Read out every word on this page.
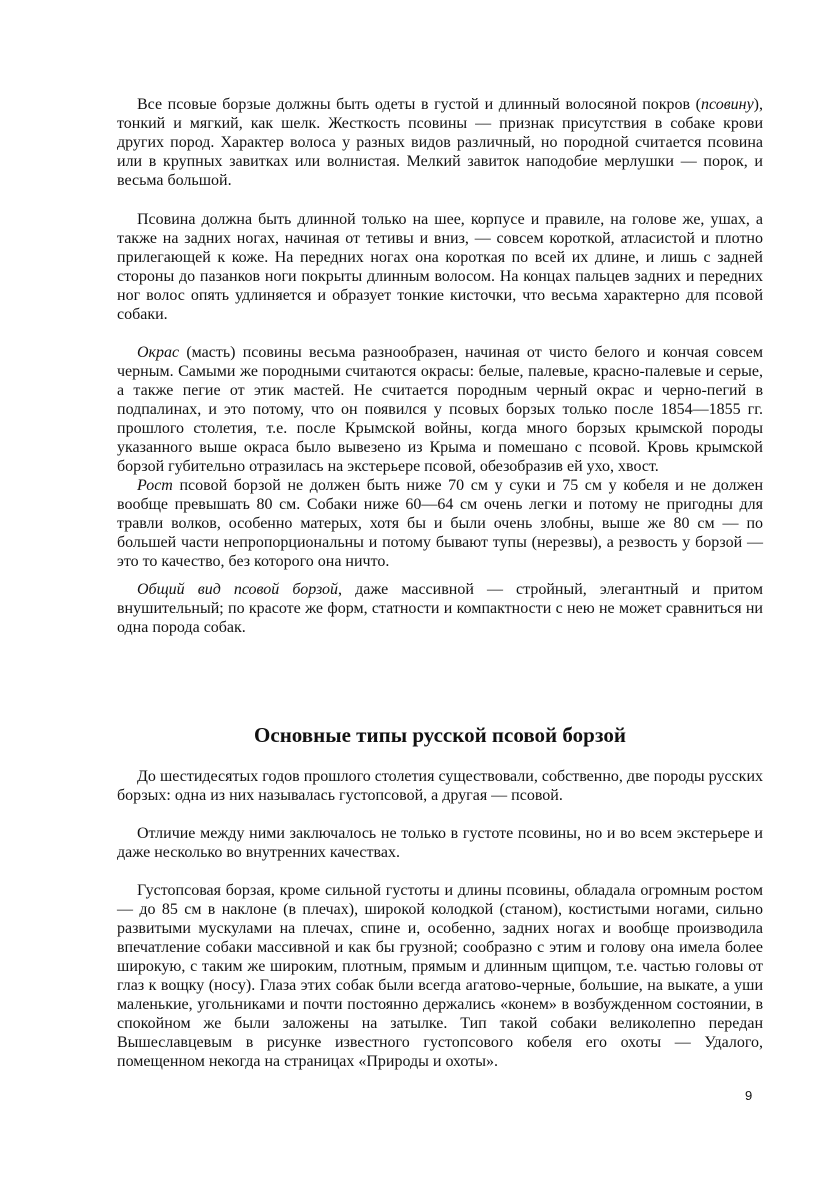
Все псовые борзые должны быть одеты в густой и длинный волосяной покров (псовину), тонкий и мягкий, как шелк. Жесткость псовины — признак присутствия в собаке крови других пород. Характер волоса у разных видов различный, но породной считается псовина или в крупных завитках или волнистая. Мелкий завиток наподобие мерлушки — порок, и весьма большой.

Псовина должна быть длинной только на шее, корпусе и правиле, на голове же, ушах, а также на задних ногах, начиная от тетивы и вниз, — совсем короткой, атласистой и плотно прилегающей к коже. На передних ногах она короткая по всей их длине, и лишь с задней стороны до пазанков ноги покрыты длинным волосом. На концах пальцев задних и передних ног волос опять удлиняется и образует тонкие кисточки, что весьма характерно для псовой собаки.

Окрас (масть) псовины весьма разнообразен, начиная от чисто белого и кончая совсем черным. Самыми же породными считаются окрасы: белые, палевые, красно-палевые и серые, а также пегие от этик мастей. Не считается породным черный окрас и черно-пегий в подпалинах, и это потому, что он появился у псовых борзых только после 1854—1855 гг. прошлого столетия, т.е. после Крымской войны, когда много борзых крымской породы указанного выше окраса было вывезено из Крыма и помешано с псовой. Кровь крымской борзой губительно отразилась на экстерьере псовой, обезобразив ей ухо, хвост.

Рост псовой борзой не должен быть ниже 70 см у суки и 75 см у кобеля и не должен вообще превышать 80 см. Собаки ниже 60—64 см очень легки и потому не пригодны для травли волков, особенно матерых, хотя бы и были очень злобны, выше же 80 см — по большей части непропорциональны и потому бывают тупы (нерезвы), а резвость у борзой — это то качество, без которого она ничто.

Общий вид псовой борзой, даже массивной — стройный, элегантный и притом внушительный; по красоте же форм, статности и компактности с нею не может сравниться ни одна порода собак.

Основные типы русской псовой борзой

До шестидесятых годов прошлого столетия существовали, собственно, две породы русских борзых: одна из них называлась густопсовой, а другая — псовой.

Отличие между ними заключалось не только в густоте псовины, но и во всем экстерьере и даже несколько во внутренних качествах.

Густопсовая борзая, кроме сильной густоты и длины псовины, обладала огромным ростом — до 85 см в наклоне (в плечах), широкой колодкой (станом), костистыми ногами, сильно развитыми мускулами на плечах, спине и, особенно, задних ногах и вообще производила впечатление собаки массивной и как бы грузной; сообразно с этим и голову она имела более широкую, с таким же широким, плотным, прямым и длинным щипцом, т.е. частью головы от глаз к вощку (носу). Глаза этих собак были всегда агатово-черные, большие, на выкате, а уши маленькие, угольниками и почти постоянно держались «конем» в возбужденном состоянии, в спокойном же были заложены на затылке. Тип такой собаки великолепно передан Вышеславцевым в рисунке известного густопсового кобеля его охоты — Удалого, помещенном некогда на страницах «Природы и охоты».

9
